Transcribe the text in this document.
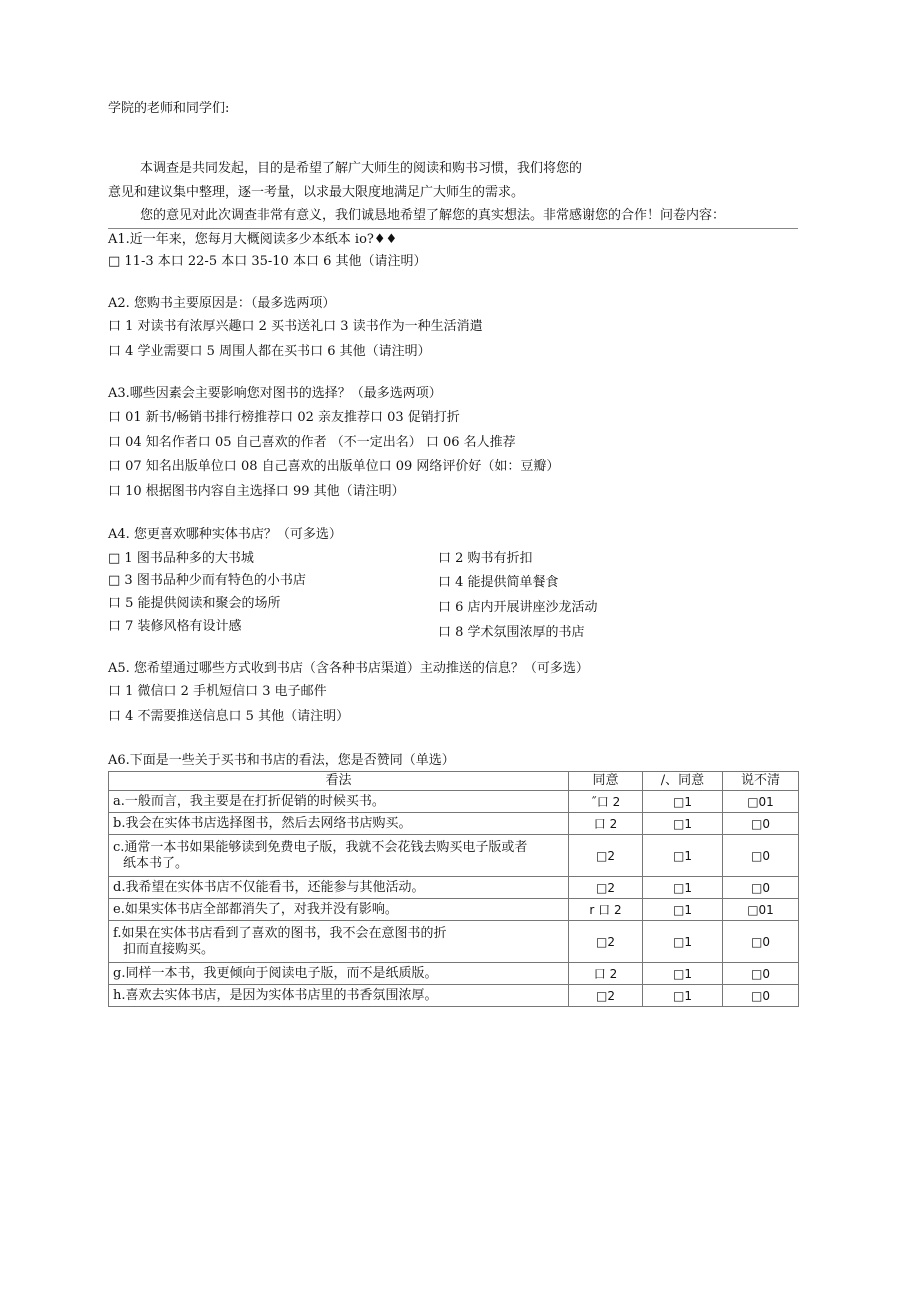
学院的老师和同学们:
本调查是共同发起，目的是希望了解广大师生的阅读和购书习惯，我们将您的
意见和建议集中整理，逐一考量，以求最大限度地满足广大师生的需求。
您的意见对此次调查非常有意义，我们诚恳地希望了解您的真实想法。非常感谢您的合作！问卷内容：
A1.近一年来，您每月大概阅读多少本纸本 io?♦♦
□ 11-3 本口 22-5 本口 35-10 本口 6 其他（请注明）
A2. 您购书主要原因是：（最多选两项）
口 1 对读书有浓厚兴趣口 2 买书送礼口 3 读书作为一种生活消遣
口 4 学业需要口 5 周围人都在买书口 6 其他（请注明）
A3.哪些因素会主要影响您对图书的选择？（最多选两项）
口 01 新书/畅销书排行榜推荐口 02 亲友推荐口 03 促销打折
口 04 知名作者口 05 自己喜欢的作者 （不一定出名） 口 06 名人推荐
口 07 知名出版单位口 08 自己喜欢的出版单位口 09 网络评价好（如：豆瓣）
口 10 根据图书内容自主选择口 99 其他（请注明）
A4. 您更喜欢哪种实体书店？（可多选）
□ 1 图书品种多的大书城
□ 3 图书品种少而有特色的小书店
口 5 能提供阅读和聚会的场所
口 7 装修风格有设计感
口 2 购书有折扣
口 4 能提供简单餐食
口 6 店内开展讲座沙龙活动
口 8 学术氛围浓厚的书店
A5. 您希望通过哪些方式收到书店（含各种书店渠道）主动推送的信息？（可多选）
口 1 微信口 2 手机短信口 3 电子邮件
口 4 不需要推送信息口 5 其他（请注明）
A6.下面是一些关于买书和书店的看法，您是否赞同（单选）
看法	同意	/、同意	说不清
a.一般而言，我主要是在打折促销的时候买书。	˝口 2	□1	□01
b.我会在实体书店选择图书，然后去网络书店购买。	口 2	□1	□0
c.通常一本书如果能够读到免费电子版，我就不会花钱去购买电子版或者
纸本书了。	□2	□1	□0
d.我希望在实体书店不仅能看书，还能参与其他活动。	□2	□1	□0
e.如果实体书店全部都消失了，对我并没有影响。	r 口 2	□1	□01
f.如果在实体书店看到了喜欢的图书，我不会在意图书的折
扣而直接购买。	□2	□1	□0
g.同样一本书，我更倾向于阅读电子版，而不是纸质版。	口 2	□1	□0
h.喜欢去实体书店，是因为实体书店里的书香氛围浓厚。	□2	□1	□0
